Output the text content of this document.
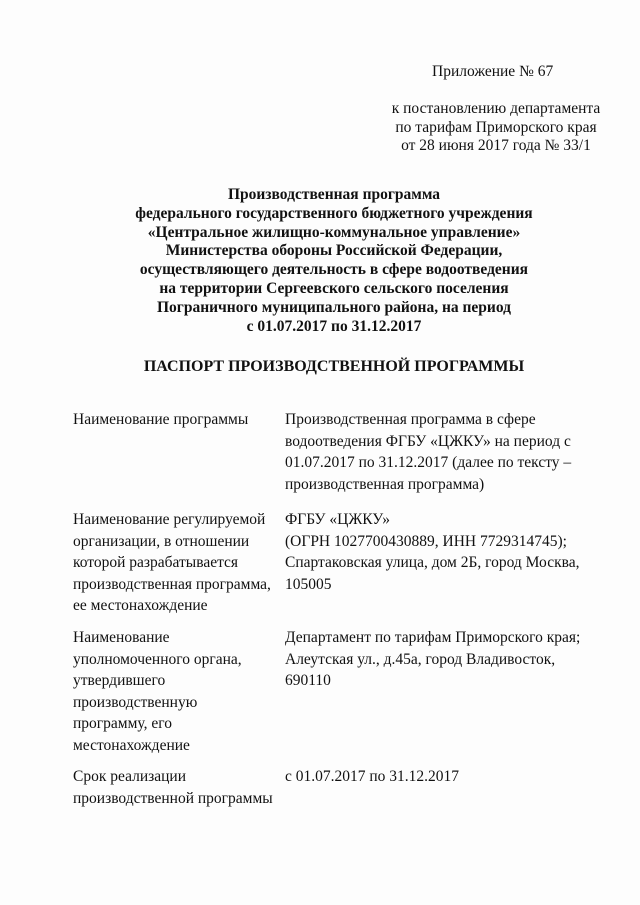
Приложение № 67
к постановлению департамента
по тарифам Приморского края
от 28 июня 2017 года № 33/1
Производственная программа
федерального государственного бюджетного учреждения
«Центральное жилищно-коммунальное управление»
Министерства обороны Российской Федерации,
осуществляющего деятельность в сфере водоотведения
на территории Сергеевского сельского поселения
Пограничного муниципального района, на период
с 01.07.2017 по 31.12.2017
ПАСПОРТ ПРОИЗВОДСТВЕННОЙ ПРОГРАММЫ
Наименование программы	Производственная программа в сфере
водоотведения ФГБУ «ЦЖКУ» на период с
01.07.2017 по 31.12.2017 (далее по тексту –
производственная программа)
Наименование регулируемой
организации, в отношении
которой разрабатывается
производственная программа,
ее местонахождение
ФГБУ «ЦЖКУ»
(ОГРН 1027700430889, ИНН 7729314745);
Спартаковская улица, дом 2Б, город Москва,
105005
Наименование
уполномоченного органа,
утвердившего
производственную
программу, его
местонахождение
Департамент по тарифам Приморского края;
Алеутская ул., д.45а, город Владивосток,
690110
Срок реализации
производственной программы
с 01.07.2017 по 31.12.2017
